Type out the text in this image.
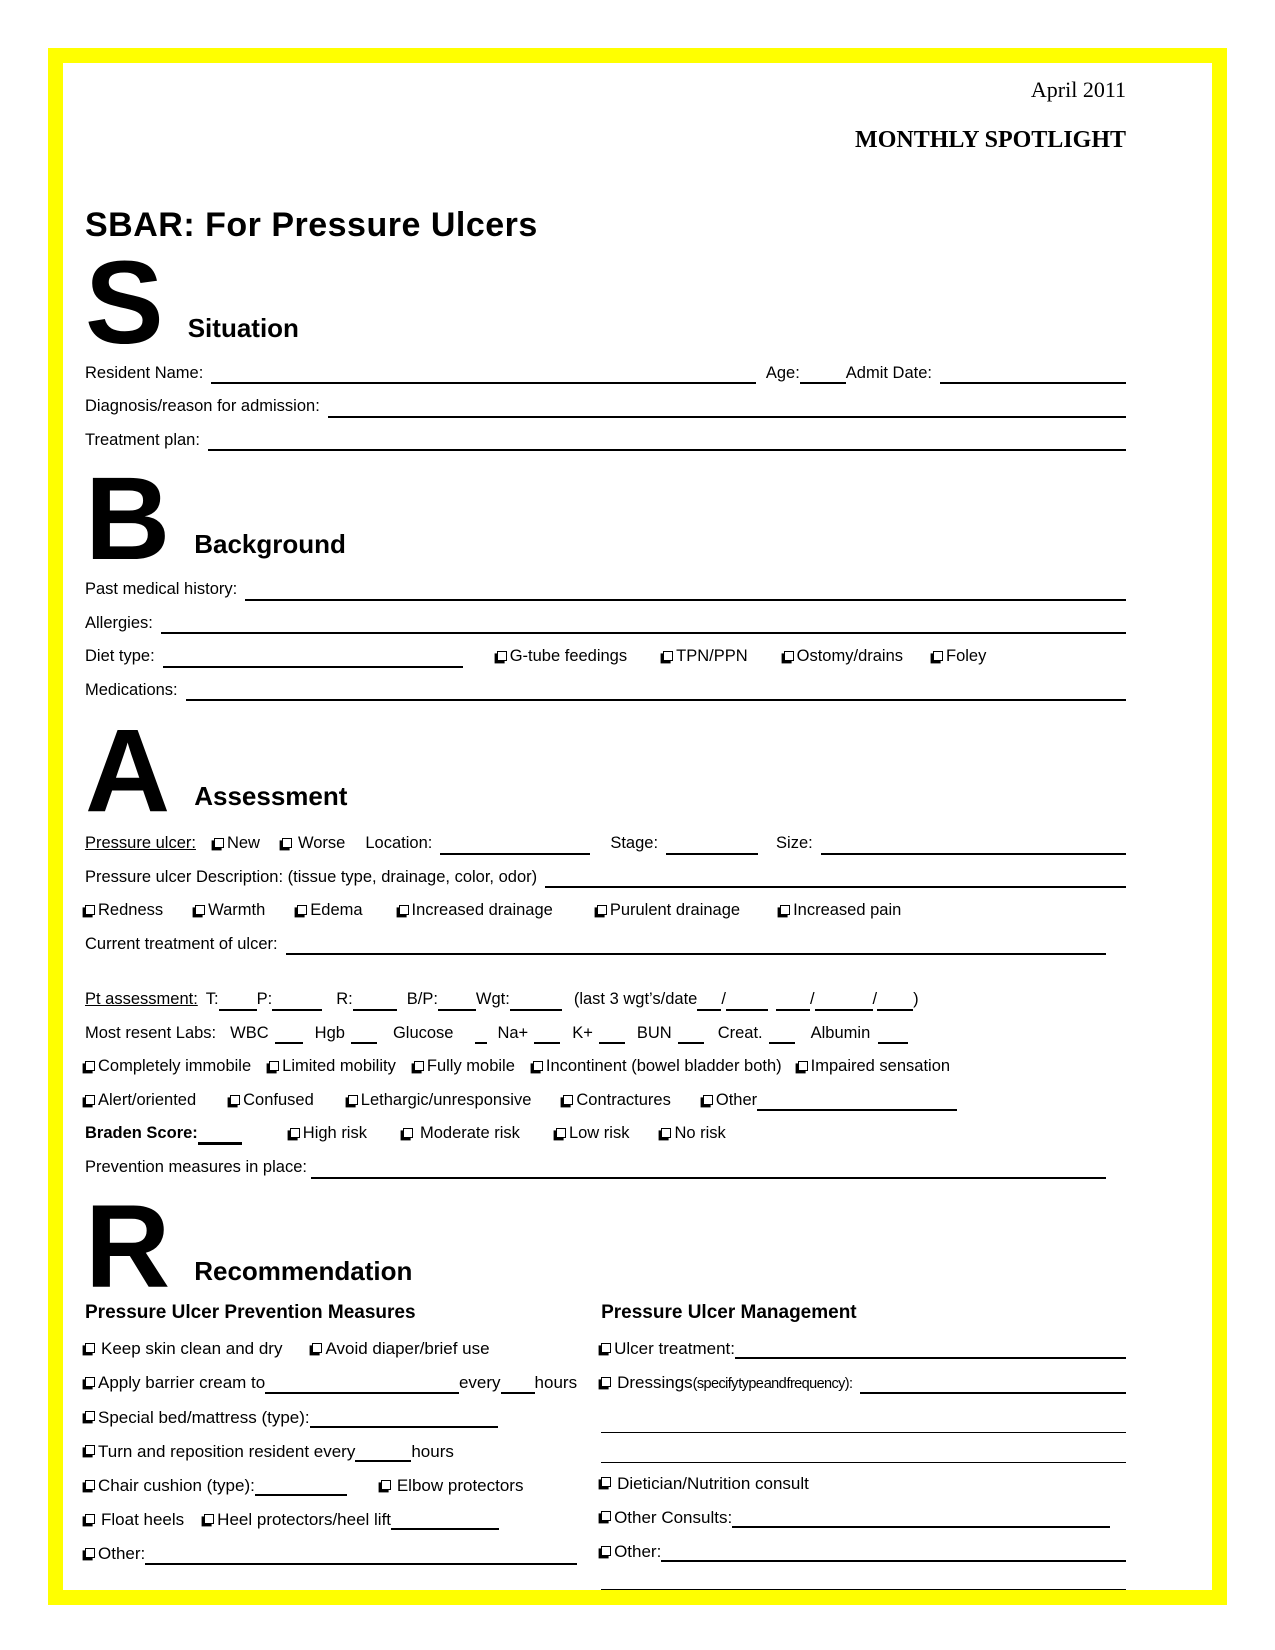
April 2011
MONTHLY SPOTLIGHT
SBAR: For Pressure Ulcers
S Situation
Resident Name:	Age:	Admit Date:
Diagnosis/reason for admission:
Treatment plan:
B Background
Past medical history:
Allergies:
Diet type:	G-tube feedings	TPN/PPN	Ostomy/drains	Foley
Medications:
A Assessment
Pressure ulcer: New Worse Location:	Stage:	Size:
Pressure ulcer Description: (tissue type, drainage, color, odor)
Redness	Warmth	Edema	Increased drainage	Purulent drainage	Increased pain
Current treatment of ulcer:
Pt assessment: T: P:	R:	B/P: Wgt:	(last 3 wgt’s/date /	/	/ )
Most resent Labs: WBC	Hgb	Glucose	Na+	K+	BUN	Creat.	Albumin
Completely immobile Limited mobility Fully mobile Incontinent (bowel bladder both) Impaired sensation
Alert/oriented	Confused	Lethargic/unresponsive	Contractures	Other
Braden Score:	High risk	Moderate risk	Low risk	No risk
Prevention measures in place:
R Recommendation
Pressure Ulcer Prevention Measures
Keep skin clean and dry	Avoid diaper/brief use
Apply barrier cream to	every hours
Special bed/mattress (type):
Turn and reposition resident every	hours
Chair cushion (type):	Elbow protectors
Float heels Heel protectors/heel lift
Other:
Pressure Ulcer Management
Ulcer treatment:
Dressings (specify type and frequency):
Dietician/Nutrition consult
Other Consults:
Other:
